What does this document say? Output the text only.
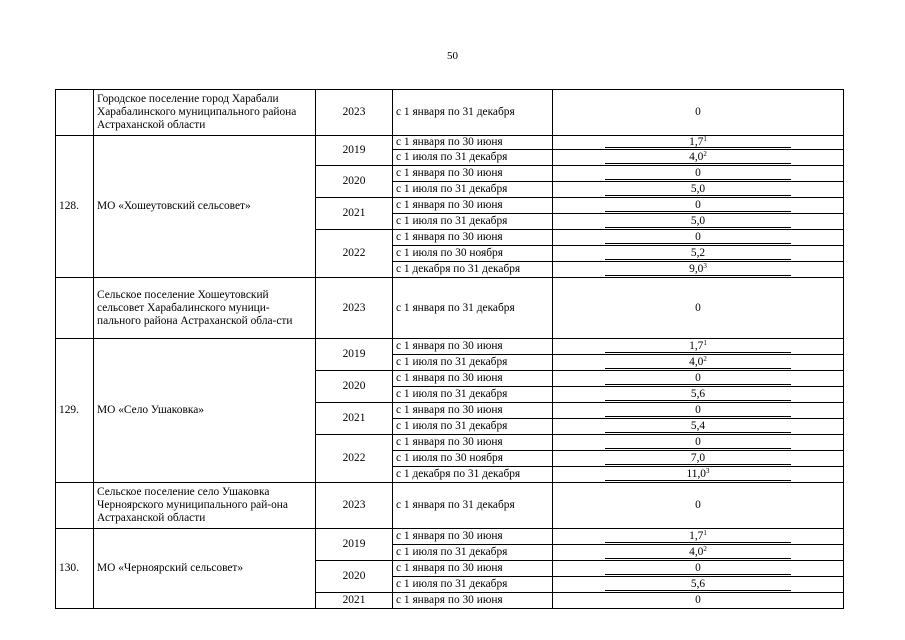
50
	Городское поселение город Харабали Харабалинского муниципального района Астраханской области	2023	с 1 января по 31 декабря	0
128.	МО «Хошеутовский сельсовет»	2019	с 1 января по 30 июня	$1,7^1$

			с 1 июля по 31 декабря	$4,0^2$

		2020	с 1 января по 30 июня	0

			с 1 июля по 31 декабря	5,0

		2021	с 1 января по 30 июня	0

			с 1 июля по 31 декабря	5,0

		2022	с 1 января по 30 июня	0

			с 1 июля по 30 ноября	5,2

			с 1 декабря по 31 декабря	$9,0^3$

	Сельское поселение Хошеутовский сельсовет Харабалинского муници-пального района Астраханской обла-сти	2023	с 1 января по 31 декабря	0
129.	МО «Село Ушаковка»	2019	с 1 января по 30 июня	$1,7^1$

			с 1 июля по 31 декабря	$4,0^2$

		2020	с 1 января по 30 июня	0

			с 1 июля по 31 декабря	5,6

		2021	с 1 января по 30 июня	0

			с 1 июля по 31 декабря	5,4

		2022	с 1 января по 30 июня	0

			с 1 июля по 30 ноября	7,0

			с 1 декабря по 31 декабря	11,0$^3$

	Сельское поселение село Ушаковка Черноярского муниципального рай-она Астраханской области	2023	с 1 января по 31 декабря	0
130.	МО «Черноярский сельсовет»	2019	с 1 января по 30 июня	$1,7^1$

			с 1 июля по 31 декабря	$4,0^2$

		2020	с 1 января по 30 июня	0

			с 1 июля по 31 декабря	5,6

		2021	с 1 января по 30 июня	0
